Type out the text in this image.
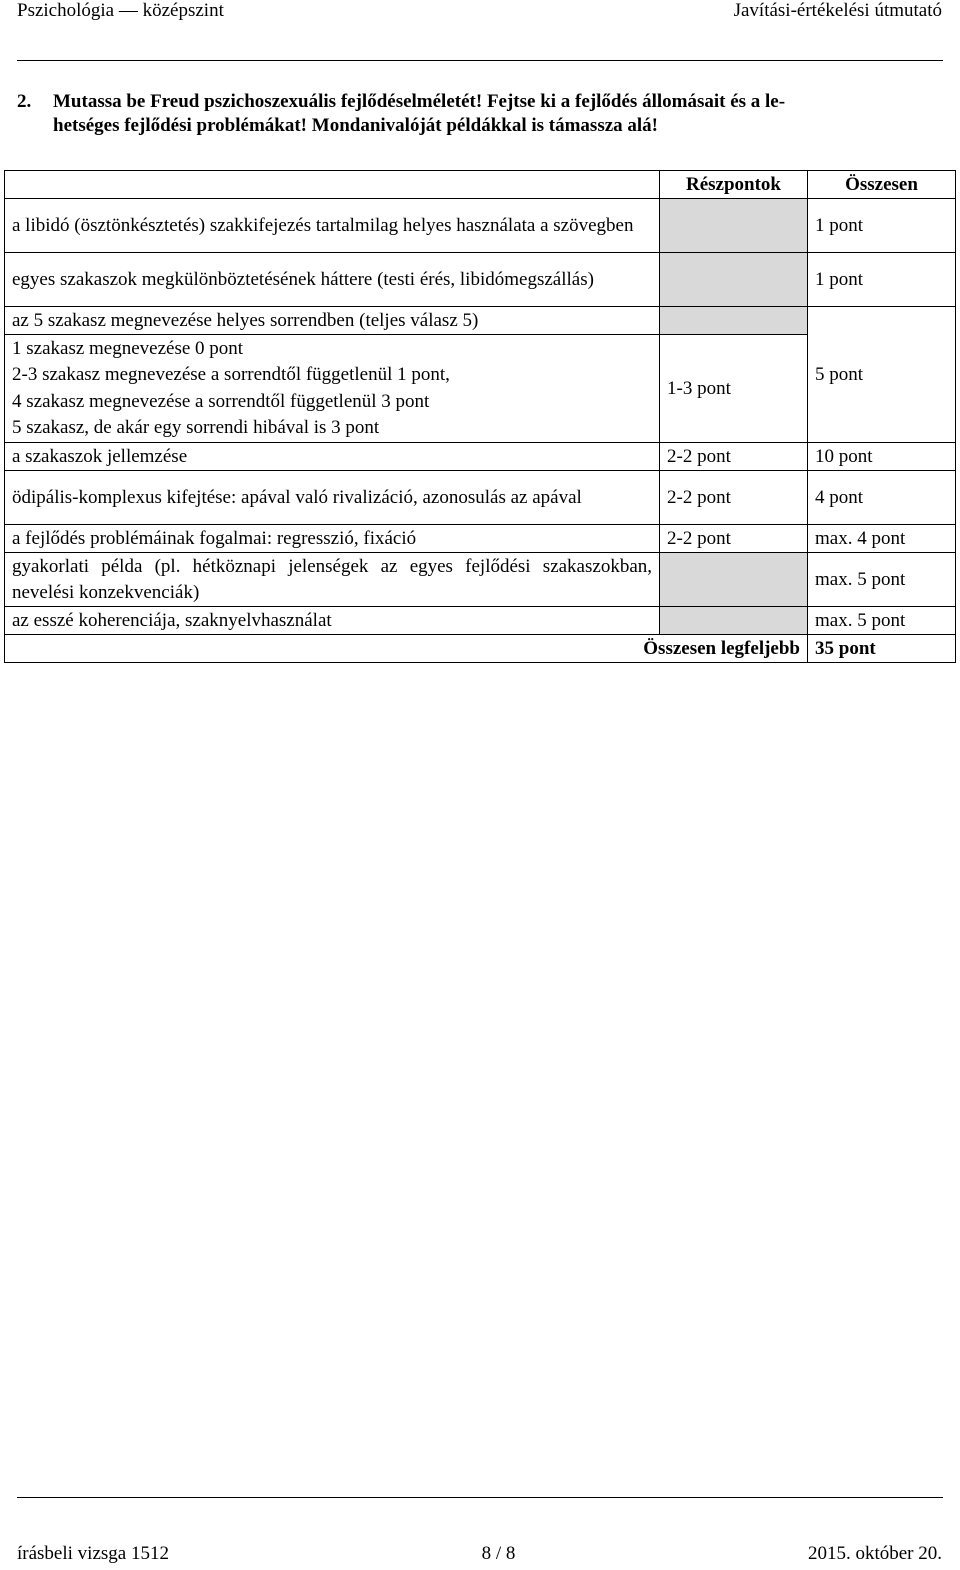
Pszichológia — középszint	Javítási-értékelési útmutató
2. Mutassa be Freud pszichoszexuális fejlődéselméletét! Fejtse ki a fejlődés állomásait és a le-
hetséges fejlődési problémákat! Mondanivalóját példákkal is támassza alá!
	Részpontok	Összesen
a libidó (ösztönkésztetés) szakkifejezés tartalmilag helyes használata a szövegben		1 pont
egyes szakaszok megkülönböztetésének háttere (testi érés, libidómegszállás)		1 pont
az 5 szakasz megnevezése helyes sorrendben (teljes válasz 5)		5 pont

1 szakasz megnevezése 0 pont
2-3 szakasz megnevezése a sorrendtől függetlenül 1 pont,
4 szakasz megnevezése a sorrendtől függetlenül 3 pont
5 szakasz, de akár egy sorrendi hibával is 3 pont	1-3 pont	
a szakaszok jellemzése	2-2 pont	10 pont
ödipális-komplexus kifejtése: apával való rivalizáció, azonosulás az apával	2-2 pont	4 pont
a fejlődés problémáinak fogalmai: regresszió, fixáció	2-2 pont	max. 4 pont
gyakorlati példa (pl. hétköznapi jelenségek az egyes fejlődési szakaszokban, nevelési konzekvenciák)		max. 5 pont
az esszé koherenciája, szaknyelvhasználat		max. 5 pont
Összesen legfeljebb		35 pont
írásbeli vizsga 1512	8 / 8	2015. október 20.
